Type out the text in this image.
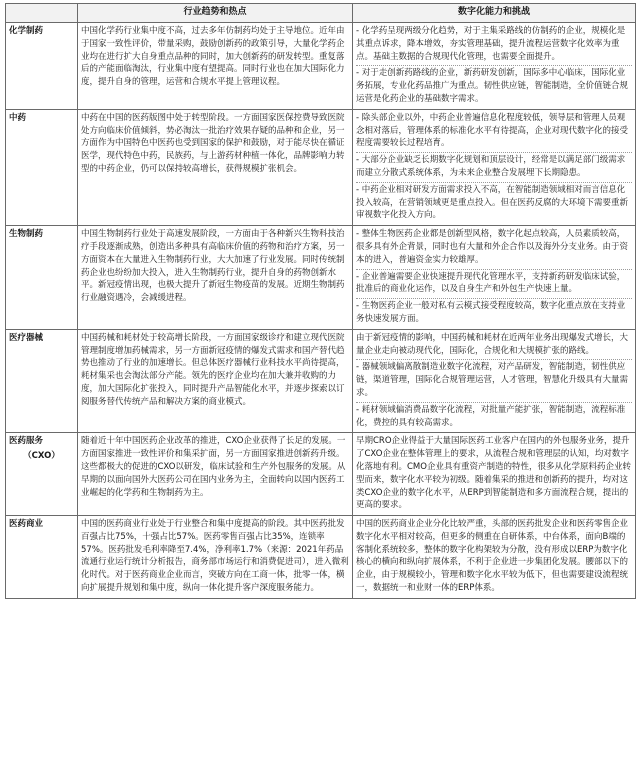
	行业趋势和热点	数字化能力和挑战
化学制药	中国化学药行业集中度不高，过去多年仿制药均处于主导地位。近年由于国家一致性评价，带量采购，鼓励创新药的政策引导，大量化学药企业均在进行扩大自身重点品种的同时，加大创新药的研发转型。重复落后的产能面临淘汰，行业集中度有望提高。同时行业也在加大国际化力度，提升自身的管理，运营和合规水平提上管理议程。	- 化学药呈现两级分化趋势，对于主集采路线的仿制药的企业，规模化是其重点诉求，降本增效，夯实管理基础，提升流程运营数字化效率为重点。基础主数据的合规现代化管理，也需要全面提升。

- 对于走创新药路线的企业，新药研发创新，国际多中心临床，国际化业务拓展，专业化药品推广为重点。韧性供应链，智能制造，全价值链合规运营是化药企业的基础数字需求。

中药	中药在中国的医药版图中处于转型阶段。一方面国家医保控费导致医院处方向临床价值倾斜，势必淘汰一批治疗效果存疑的品种和企业，另一方面作为中国特色中医药也受到国家的保护和鼓励，对于能尽快在循证医学，现代特色中药，民族药，与上游药材种植一体化，品牌影响力转型的中药企业，仍可以保持较高增长，获得规模扩张机会。	- 除头部企业以外，中药企业普遍信息化程度较低，领导层和管理人员观念相对落后，管理体系的标准化水平有待提高，企业对现代数字化的接受程度需要较长过程培育。

- 大部分企业缺乏长期数字化规划和顶层设计，经常是以满足部门级需求而建立分散式系统体系，为未来企业整合发展埋下长期隐患。

- 中药企业相对研发方面需求投入不高，在智能制造领域相对而言信息化投入较高，在营销领域更是重点投入。但在医药反腐的大环境下需要重新审视数字化投入方向。

生物制药	中国生物制药行业处于高速发展阶段，一方面由于各种新兴生物科技治疗手段逐渐成熟，创造出多种具有高临床价值的药物和治疗方案，另一方面资本在大量进入生物制药行业，大大加速了行业发展。同时传统制药企业也纷纷加大投入，进入生物制药行业，提升自身的药物创新水平。新冠疫情出现，也极大提升了新冠生物疫苗的发展。近期生物制药行业融资遇冷，会减缓进程。	- 整体生物医药企业都是创新型风格，数字化起点较高，人员素质较高，很多具有外企背景，同时也有大量和外企合作以及海外分支业务。由于资本的进入，普遍资金实力较雄厚。

- 企业普遍需要企业快速提升现代化管理水平，支持新药研发临床试验，批准后的商业化运作，以及自身生产和外包生产快速上量。

- 生物医药企业一般对私有云模式接受程度较高，数字化重点放在支持业务快速发展方面。

医疗器械	中国药械和耗材处于较高增长阶段，一方面国家级诊疗和建立现代医院管理制度增加药械需求，另一方面新冠疫情的爆发式需求和国产替代趋势也推动了行业的加速增长。但总体医疗器械行业科技水平尚待提高，耗材集采也会淘汰部分产能。领先的医疗企业均在加大兼并收购的力度，加大国际化扩张投入，同时提升产品智能化水平，并逐步探索以订阅服务替代传统产品和解决方案的商业模式。	由于新冠疫情的影响，中国药械和耗材在近两年业务出现爆发式增长，大量企业走向被动现代化，国际化，合规化和大规模扩张的路线。

- 器械领域偏离散制造业数字化流程，对产品研发，智能制造，韧性供应链，渠道管理，国际化合规管理运营，人才管理，智慧化升级具有大量需求。

- 耗材领域偏消费品数字化流程，对批量产能扩张，智能制造，流程标准化，费控的具有较高需求。

医药服务
（CXO）	随着近十年中国医药企业改革的推进，CXO企业获得了长足的发展。一方面国家推进一致性评价和集采扩面，另一方面国家推进创新药升级。这些都极大的促进的CXO以研发，临床试验和生产外包服务的发展。从早期的以面向国外大医药公司在国内业务为主，全面转向以国内医药工业崛起的化学药和生物制药为主。	早期CRO企业得益于大量国际医药工业客户在国内的外包服务业务，提升了CXO企业在整体管理上的要求，从流程合规和管理层的认知，均对数字化落地有利。CMO企业具有重资产制造的特性，很多从化学原料药企业转型而来，数字化水平较为初级。随着集采的推进和创新药的提升，均对这类CXO企业的数字化水平，从ERP到智能制造和多方面流程合规，提出的更高的要求。

医药商业	中国的医药商业行业处于行业整合和集中度提高的阶段。其中医药批发百强占比75%，十强占比57%。医药零售百强占比35%，连锁率57%。医药批发毛利率降至7.4%，净利率1.7%（来源：2021年药品流通行业运行统计分析报告，商务部市场运行和消费促进司），进入微利化时代。对于医药商业企业而言，突破方向在工商一体，批零一体，横向扩展提升规划和集中度，纵向一体化提升客户深度服务能力。	中国的医药商业企业分化比较严重，头部的医药批发企业和医药零售企业数字化水平相对较高，但更多的侧重在自研体系，中台体系，面向B端的客制化系统较多，整体的数字化构架较为分散，没有形成以ERP为数字化核心的横向和纵向扩展体系，不利于企业进一步集团化发展。腰部以下的企业，由于规模较小，管理和数字化水平较为低下，但也需要建设流程统一，数据统一和业财一体的ERP体系。
